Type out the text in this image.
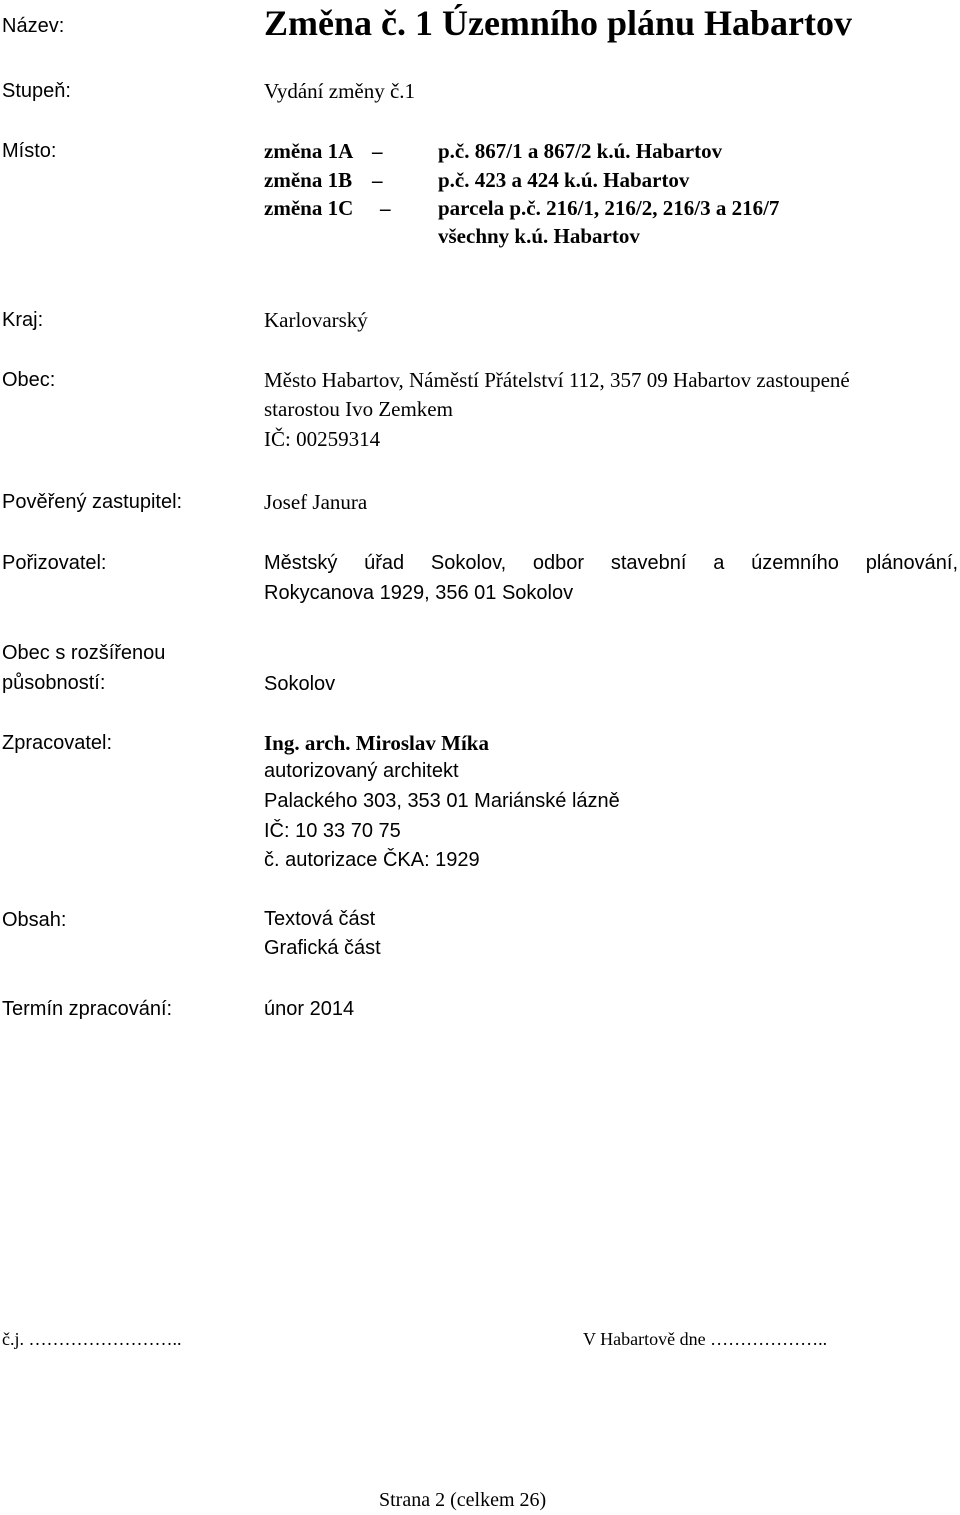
Název:	Změna č. 1 Územního plánu Habartov
Stupeň:	Vydání změny č.1
Místo:	změna 1A –	p.č. 867/1 a 867/2 k.ú. Habartov
změna 1B –	p.č. 423 a 424 k.ú. Habartov
změna 1C – parcela p.č. 216/1, 216/2, 216/3 a 216/7
všechny k.ú. Habartov
Kraj:	Karlovarský
Obec:	Město Habartov, Náměstí Přátelství 112, 357 09 Habartov zastoupené
starostou Ivo Zemkem
IČ: 00259314
Pověřený zastupitel:	Josef Janura
Pořizovatel:	Městský úřad Sokolov, odbor stavební a územního plánování,
Rokycanova 1929, 356 01 Sokolov
Obec s rozšířenou
působností:	Sokolov
Zpracovatel:	Ing. arch. Miroslav Míka
autorizovaný architekt
Palackého 303, 353 01 Mariánské lázně
IČ: 10 33 70 75
č. autorizace ČKA: 1929
Obsah:	Textová část
Grafická část
Termín zpracování:	únor 2014
č.j. ……………………..	V Habartově dne ………………..
Strana 2 (celkem 26)
